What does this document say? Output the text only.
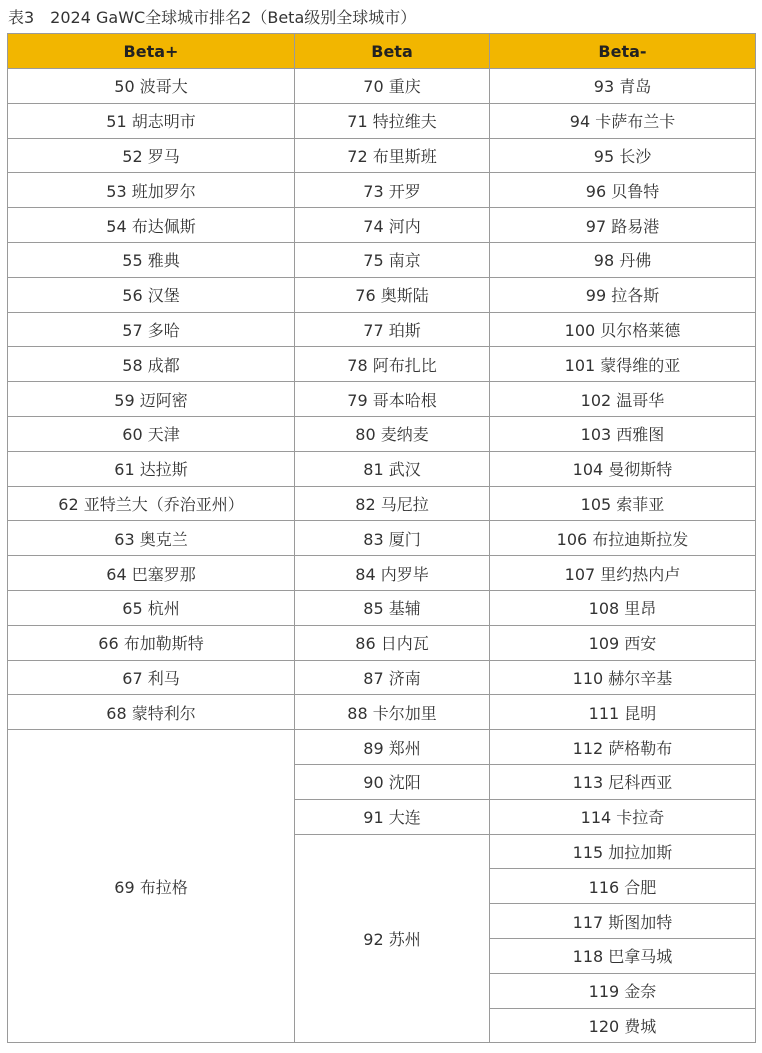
表3　2024 GaWC全球城市排名2（Beta级别全球城市）
Beta+	Beta	Beta-
50 波哥大	70 重庆	93 青岛
51 胡志明市	71 特拉维夫	94 卡萨布兰卡
52 罗马	72 布里斯班	95 长沙
53 班加罗尔	73 开罗	96 贝鲁特
54 布达佩斯	74 河内	97 路易港
55 雅典	75 南京	98 丹佛
56 汉堡	76 奥斯陆	99 拉各斯
57 多哈	77 珀斯	100 贝尔格莱德
58 成都	78 阿布扎比	101 蒙得维的亚
59 迈阿密	79 哥本哈根	102 温哥华
60 天津	80 麦纳麦	103 西雅图
61 达拉斯	81 武汉	104 曼彻斯特
62 亚特兰大（乔治亚州）	82 马尼拉	105 索菲亚
63 奥克兰	83 厦门	106 布拉迪斯拉发
64 巴塞罗那	84 内罗毕	107 里约热内卢
65 杭州	85 基辅	108 里昂
66 布加勒斯特	86 日内瓦	109 西安
67 利马	87 济南	110 赫尔辛基
68 蒙特利尔	88 卡尔加里	111 昆明
69 布拉格	89 郑州	112 萨格勒布
	90 沈阳	113 尼科西亚
	91 大连	114 卡拉奇
	92 苏州	115 加拉加斯
		116 合肥
		117 斯图加特
		118 巴拿马城
		119 金奈
		120 费城
